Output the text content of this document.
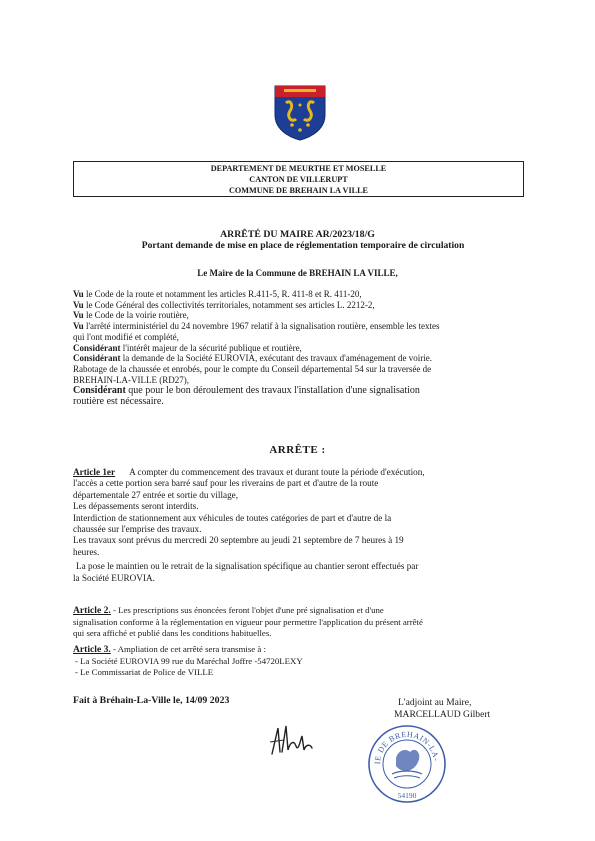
DEPARTEMENT DE MEURTHE ET MOSELLE
CANTON DE VILLERUPT
COMMUNE DE BREHAIN LA VILLE
ARRÊTÉ DU MAIRE AR/2023/18/G
Portant demande de mise en place de réglementation temporaire de circulation
Le Maire de la Commune de BREHAIN LA VILLE,
Vu le Code de la route et notamment les articles R.411-5, R. 411-8 et R. 411-20,
Vu le Code Général des collectivités territoriales, notamment ses articles L. 2212-2,
Vu le Code de la voirie routière,
Vu l'arrêté interministériel du 24 novembre 1967 relatif à la signalisation routière, ensemble les textes
qui l'ont modifié et complété,
Considérant l'intérêt majeur de la sécurité publique et routière,
Considérant la demande de la Société EUROVIA, exécutant des travaux d'aménagement de voirie.
Rabotage de la chaussée et enrobés, pour le compte du Conseil départemental 54 sur la traversée de
BREHAIN-LA-VILLE (RD27),
Considérant que pour le bon déroulement des travaux l'installation d'une signalisation
routière est nécessaire.
ARRÊTE :
Article 1er A compter du commencement des travaux et durant toute la période d'exécution,
l'accès a cette portion sera barré sauf pour les riverains de part et d'autre de la route
départementale 27 entrée et sortie du village,
Les dépassements seront interdits.
Interdiction de stationnement aux véhicules de toutes catégories de part et d'autre de la
chaussée sur l'emprise des travaux.
Les travaux sont prévus du mercredi 20 septembre au jeudi 21 septembre de 7 heures à 19
heures.
La pose le maintien ou le retrait de la signalisation spécifique au chantier seront effectués par
la Société EUROVIA.
Article 2. - Les prescriptions sus énoncées feront l'objet d'une pré signalisation et d'une
signalisation conforme à la réglementation en vigueur pour permettre l'application du présent arrêté
qui sera affiché et publié dans les conditions habituelles.
Article 3. - Ampliation de cet arrêté sera transmise à :
- La Société EUROVIA 99 rue du Maréchal Joffre -54720LEXY
- Le Commissariat de Police de VILLE
Fait à Bréhain-La-Ville le, 14/09 2023	L'adjoint au Maire,
MARCELLAUD Gilbert
IE DE BREHAIN-LA-
54190
